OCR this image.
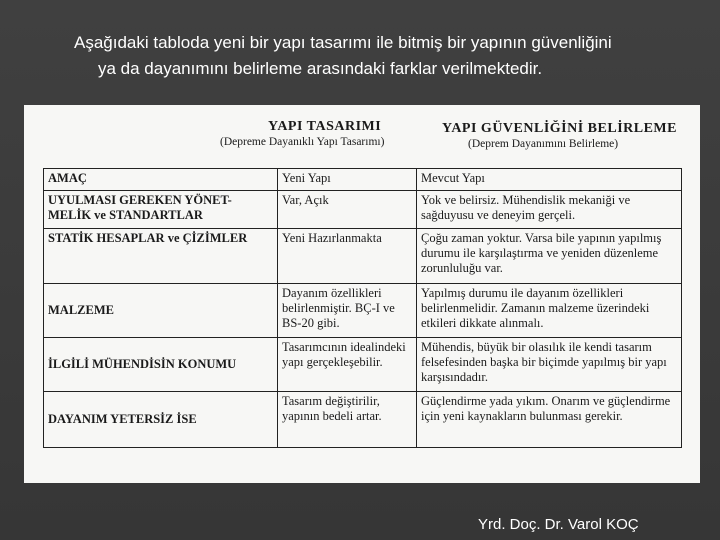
Aşağıdaki tabloda yeni bir yapı tasarımı ile bitmiş bir yapının güvenliğini
ya da dayanımını belirleme arasındaki farklar verilmektedir.
YAPI TASARIMI
(Depreme Dayanıklı Yapı Tasarımı)
YAPI GÜVENLİĞİNİ BELİRLEME
(Deprem Dayanımını Belirleme)
AMAÇ	Yeni Yapı	Mevcut Yapı
UYULMASI GEREKEN YÖNET-MELİK ve STANDARTLAR	Var, Açık	Yok ve belirsiz. Mühendislik mekaniği ve sağduyusu ve deneyim gerçeli.
STATİK HESAPLAR ve ÇİZİMLER	Yeni Hazırlanmakta	Çoğu zaman yoktur. Varsa bile yapının yapılmış durumu ile karşılaştırma ve yeniden düzenleme zorunluluğu var.
MALZEME	Dayanım özellikleri belirlenmiştir. BÇ-I ve BS-20 gibi.	Yapılmış durumu ile dayanım özellikleri belirlenmelidir. Zamanın malzeme üzerindeki etkileri dikkate alınmalı.
İLGİLİ MÜHENDİSİN KONUMU	Tasarımcının idealindeki yapı gerçekleşebilir.	Mühendis, büyük bir olasılık ile kendi tasarım felsefesinden başka bir biçimde yapılmış bir yapı karşısındadır.
DAYANIM YETERSİZ İSE	Tasarım değiştirilir, yapının bedeli artar.	Güçlendirme yada yıkım. Onarım ve güçlendirme için yeni kaynakların bulunması gerekir.
Yrd. Doç. Dr. Varol KOÇ
